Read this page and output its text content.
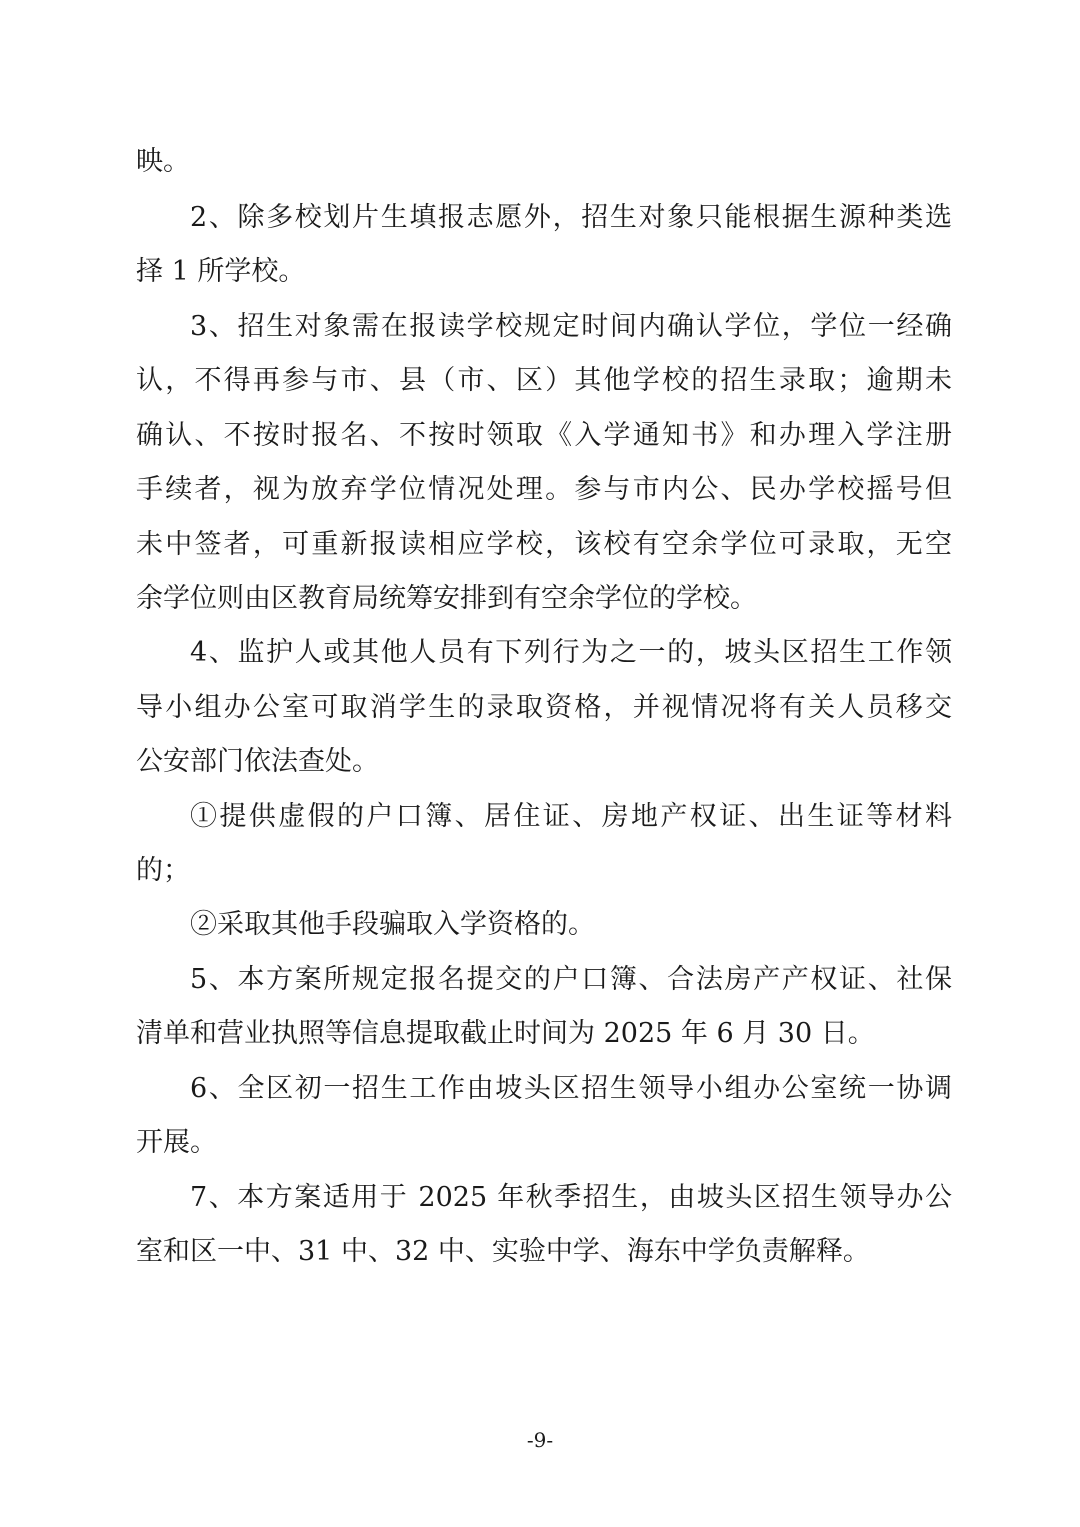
映。
2、除多校划片生填报志愿外，招生对象只能根据生源种类选
择 1 所学校。
3、招生对象需在报读学校规定时间内确认学位，学位一经确
认，不得再参与市、县（市、区）其他学校的招生录取；逾期未
确认、不按时报名、不按时领取《入学通知书》和办理入学注册
手续者，视为放弃学位情况处理。参与市内公、民办学校摇号但
未中签者，可重新报读相应学校，该校有空余学位可录取，无空
余学位则由区教育局统筹安排到有空余学位的学校。
4、监护人或其他人员有下列行为之一的，坡头区招生工作领
导小组办公室可取消学生的录取资格，并视情况将有关人员移交
公安部门依法查处。
①提供虚假的户口簿、居住证、房地产权证、出生证等材料
的；
②采取其他手段骗取入学资格的。
5、本方案所规定报名提交的户口簿、合法房产产权证、社保
清单和营业执照等信息提取截止时间为 2025 年 6 月 30 日。
6、全区初一招生工作由坡头区招生领导小组办公室统一协调
开展。
7、本方案适用于 2025 年秋季招生，由坡头区招生领导办公
室和区一中、31 中、32 中、实验中学、海东中学负责解释。
-9-
